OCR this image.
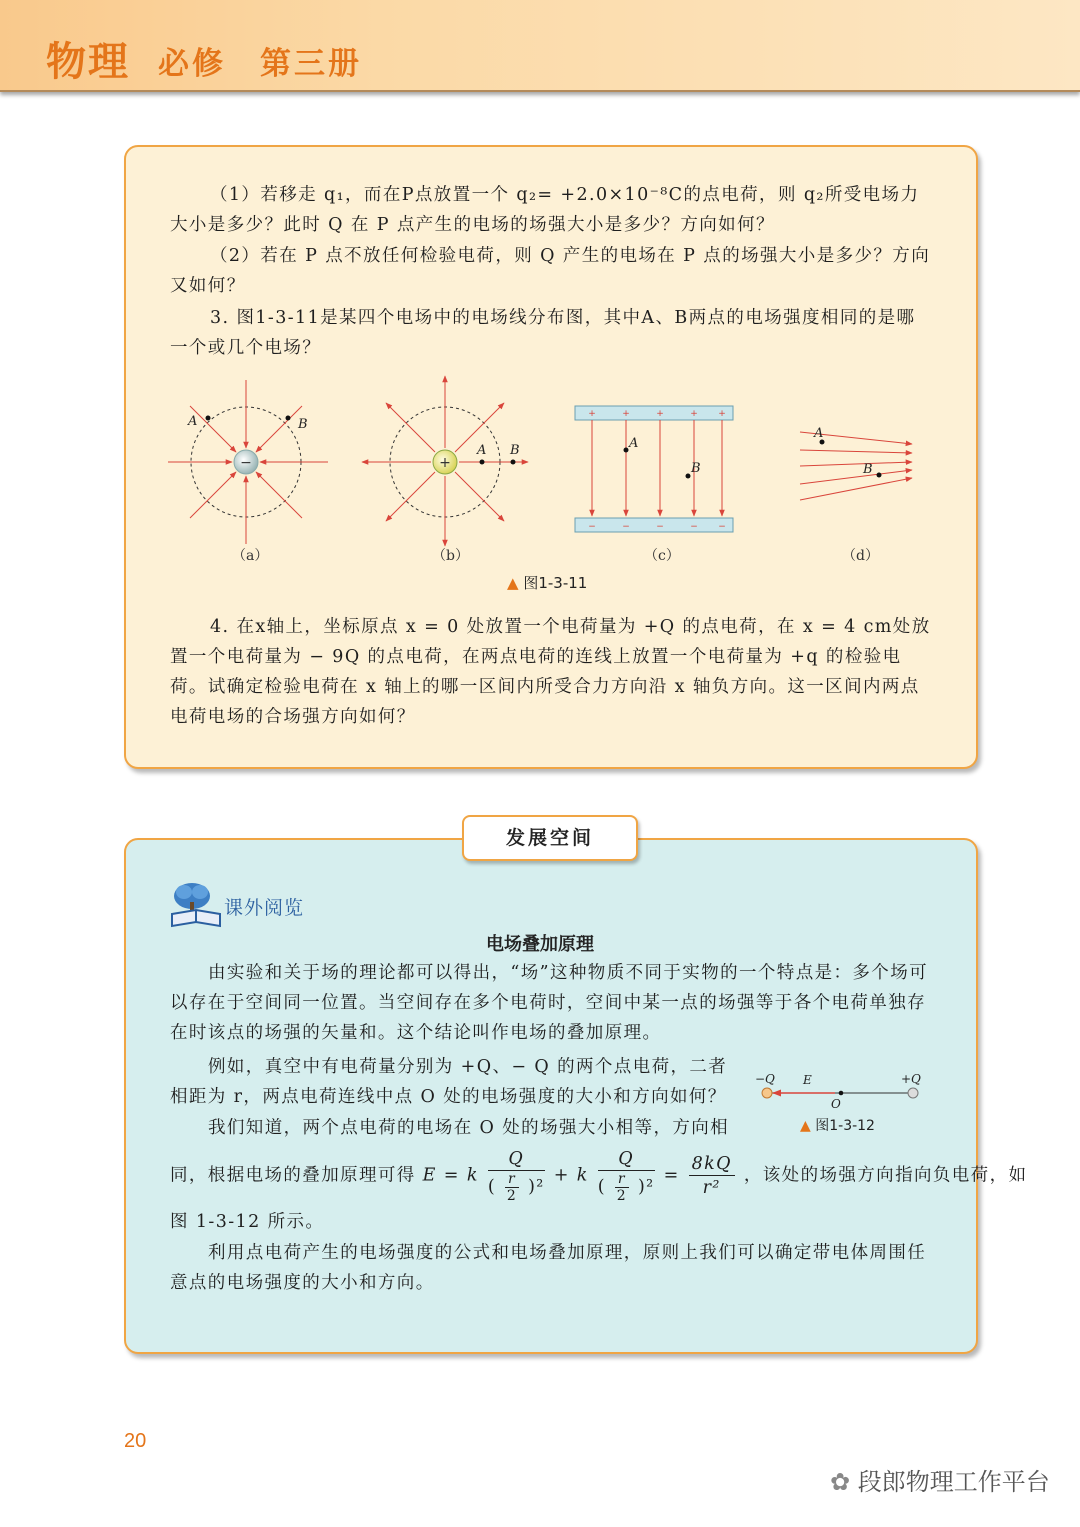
物理 必修 第三册
（1）若移走 q₁，而在P点放置一个 q₂= +2.0×10⁻⁸C的点电荷，则 q₂所受电场力大小是多少？此时 Q 在 P 点产生的电场的场强大小是多少？方向如何？
（2）若在 P 点不放任何检验电荷，则 Q 产生的电场在 P 点的场强大小是多少？方向又如何？
3. 图1-3-11是某四个电场中的电场线分布图，其中A、B两点的电场强度相同的是哪一个或几个电场？
−
A	B
+
A B
+	+	+	+ +
−	−	−	− −
A
B
A
B
（a）	（b）	（c）	（d）
▲ 图1-3-11
4. 在x轴上，坐标原点 x = 0 处放置一个电荷量为 +Q 的点电荷，在 x = 4 cm处放置一个电荷量为 − 9Q 的点电荷，在两点电荷的连线上放置一个电荷量为 +q 的检验电荷。试确定检验电荷在 x 轴上的哪一区间内所受合力方向沿 x 轴负方向。这一区间内两点电荷电场的合场强方向如何？
发展空间
课外阅览
电场叠加原理
由实验和关于场的理论都可以得出，“场”这种物质不同于实物的一个特点是：多个场可以存在于空间同一位置。当空间存在多个电荷时，空间中某一点的场强等于各个电荷单独存在时该点的场强的矢量和。这个结论叫作电场的叠加原理。
例如，真空中有电荷量分别为 +Q、− Q 的两个点电荷，二者相距为 r，两点电荷连线中点 O 处的电场强度的大小和方向如何？
我们知道，两个点电荷的电场在 O 处的场强大小相等，方向相
−Q	+Q
E
O
▲ 图1-3-12
同，根据电场的叠加原理可得 E = k $\frac{Q}{( \frac{r}{2} )^2} + k \frac{Q}{( \frac{r}{2} )^2} = \frac{8kQ}{\text{r²}}$ ，该处的场强方向指向负电荷，如
图 1-3-12 所示。
利用点电荷产生的电场强度的公式和电场叠加原理，原则上我们可以确定带电体周围任意点的电场强度的大小和方向。
20
✿ 段郎物理工作平台
